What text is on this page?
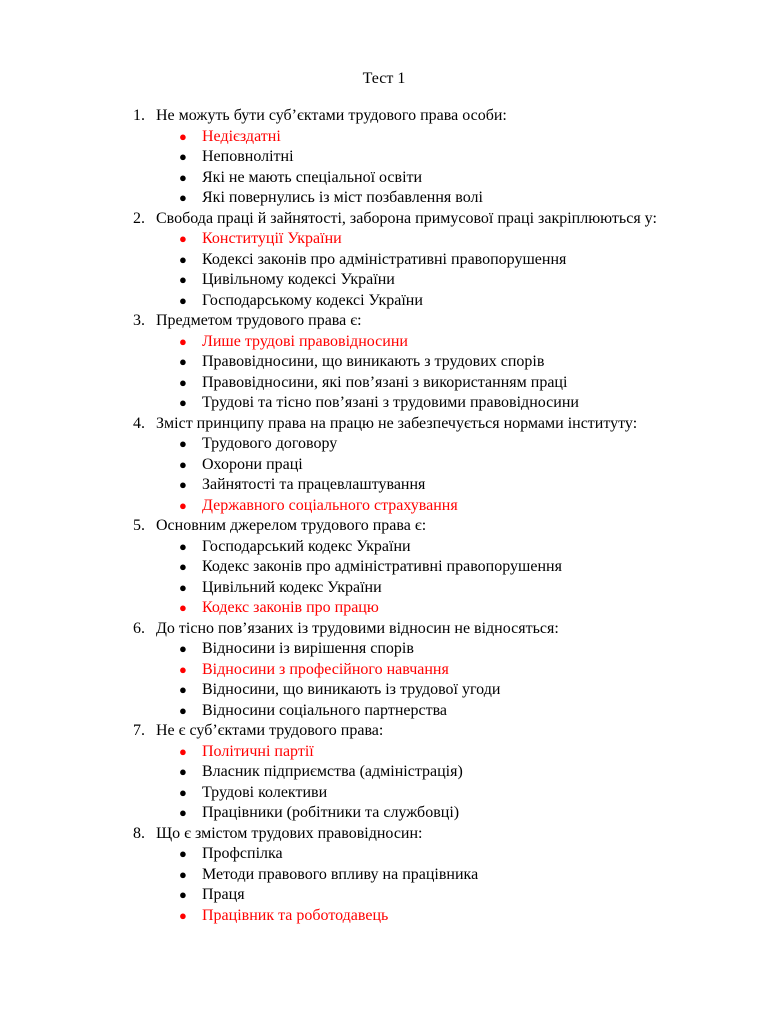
Тест 1
1. Не можуть бути суб’єктами трудового права особи:
● Недієздатні
● Неповнолітні
● Які не мають спеціальної освіти
● Які повернулись із міст позбавлення волі
2. Свобода праці й зайнятості, заборона примусової праці закріплюються у:
● Конституції України
● Кодексі законів про адміністративні правопорушення
● Цивільному кодексі України
● Господарському кодексі України
3. Предметом трудового права є:
● Лише трудові правовідносини
● Правовідносини, що виникають з трудових спорів
● Правовідносини, які пов’язані з використанням праці
● Трудові та тісно пов’язані з трудовими правовідносини
4. Зміст принципу права на працю не забезпечується нормами інституту:
● Трудового договору
● Охорони праці
● Зайнятості та працевлаштування
● Державного соціального страхування
5. Основним джерелом трудового права є:
● Господарський кодекс України
● Кодекс законів про адміністративні правопорушення
● Цивільний кодекс України
● Кодекс законів про працю
6. До тісно пов’язаних із трудовими відносин не відносяться:
● Відносини із вирішення спорів
● Відносини з професійного навчання
● Відносини, що виникають із трудової угоди
● Відносини соціального партнерства
7. Не є суб’єктами трудового права:
● Політичні партії
● Власник підприємства (адміністрація)
● Трудові колективи
● Працівники (робітники та службовці)
8. Що є змістом трудових правовідносин:
● Профспілка
● Методи правового впливу на працівника
● Праця
● Працівник та роботодавець
